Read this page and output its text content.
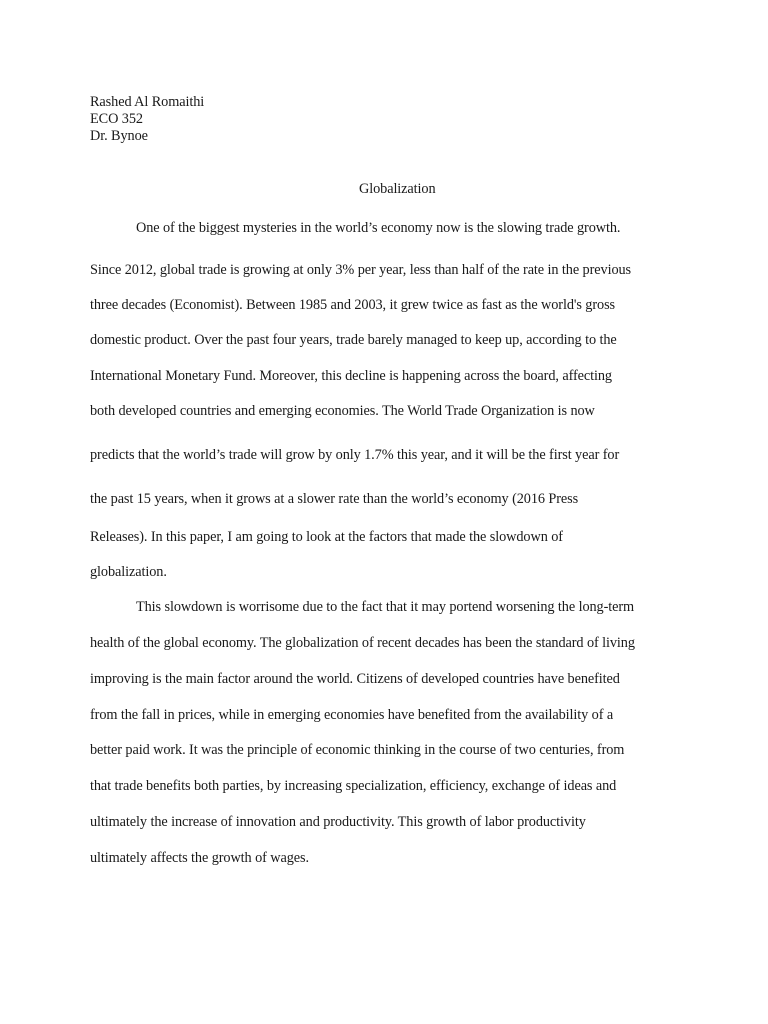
Rashed Al Romaithi
ECO 352
Dr. Bynoe
Globalization
One of the biggest mysteries in the world’s economy now is the slowing trade growth.
Since 2012, global trade is growing at only 3% per year, less than half of the rate in the previous
three decades (Economist). Between 1985 and 2003, it grew twice as fast as the world's gross
domestic product. Over the past four years, trade barely managed to keep up, according to the
International Monetary Fund. Moreover, this decline is happening across the board, affecting
both developed countries and emerging economies. The World Trade Organization is now
predicts that the world’s trade will grow by only 1.7% this year, and it will be the first year for
the past 15 years, when it grows at a slower rate than the world’s economy (2016 Press
Releases). In this paper, I am going to look at the factors that made the slowdown of
globalization.
This slowdown is worrisome due to the fact that it may portend worsening the long-term
health of the global economy. The globalization of recent decades has been the standard of living
improving is the main factor around the world. Citizens of developed countries have benefited
from the fall in prices, while in emerging economies have benefited from the availability of a
better paid work. It was the principle of economic thinking in the course of two centuries, from
that trade benefits both parties, by increasing specialization, efficiency, exchange of ideas and
ultimately the increase of innovation and productivity. This growth of labor productivity
ultimately affects the growth of wages.
